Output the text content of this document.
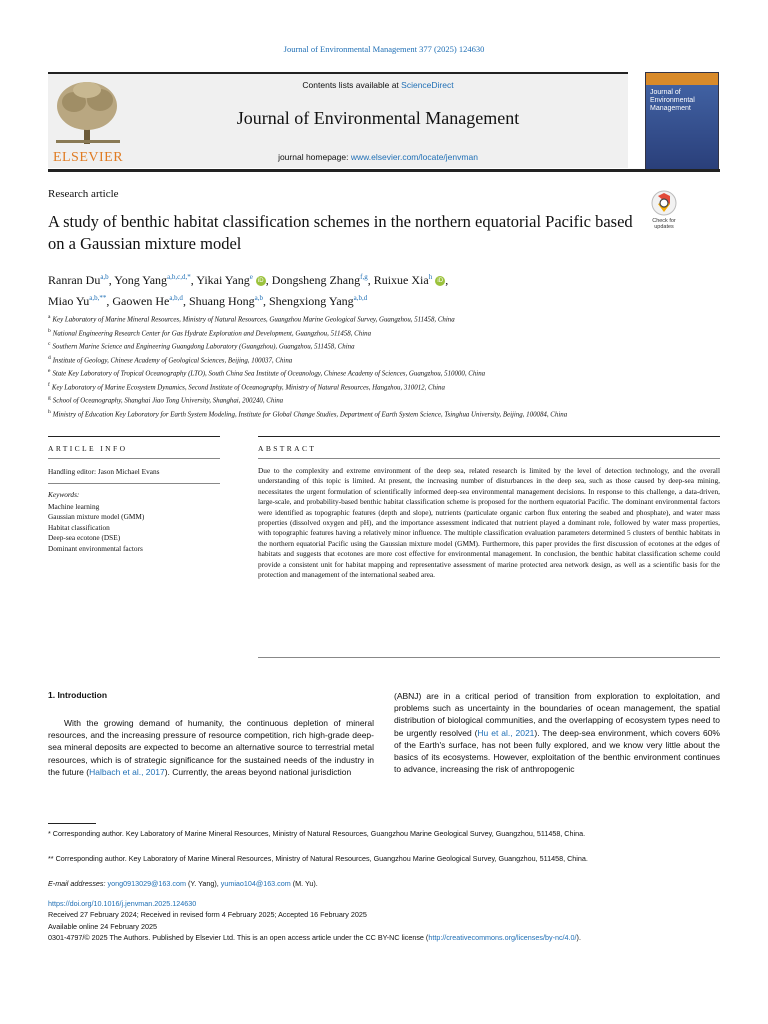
Journal of Environmental Management 377 (2025) 124630
ELSEVIER
Contents lists available at ScienceDirect
Journal of Environmental Management
journal homepage: www.elsevier.com/locate/jenvman
Journal of Environmental Management
Research article
A study of benthic habitat classification schemes in the northern equatorial Pacific based on a Gaussian mixture model
Check for updates
Ranran Du$^{a,b}$, Yong Yang$^{a,b,c,d,*}$, Yikai Yang$^e$ iD , Dongsheng Zhang$^{f,g}$, Ruixue Xia$^h$ iD ,
Miao $Yu^{a,b,**}$, Gaowen He$^{a,b,d}$, Shuang Hong$^{a,b}$, Shengxiong Yang$^{a,b,d}$
$^a$ Key Laboratory of Marine Mineral Resources, Ministry of Natural Resources, Guangzhou Marine Geological Survey, Guangzhou, 511458, China
$^b$ National Engineering Research Center for Gas Hydrate Exploration and Development, Guangzhou, 511458, China
$^c$ Southern Marine Science and Engineering Guangdong Laboratory (Guangzhou), Guangzhou, 511458, China
$^d$ Institute of Geology, Chinese Academy of Geological Sciences, Beijing, 100037, China
$^e$ State Key Laboratory of Tropical Oceanography (LTO), South China Sea Institute of Oceanology, Chinese Academy of Sciences, Guangzhou, 510000, China
$^f$ Key Laboratory of Marine Ecosystem Dynamics, Second Institute of Oceanography, Ministry of Natural Resources, Hangzhou, 310012, China
$^g$ School of Oceanography, Shanghai Jiao Tong University, Shanghai, 200240, China
$^h$ Ministry of Education Key Laboratory for Earth System Modeling, Institute for Global Change Studies, Department of Earth System Science, Tsinghua University, Beijing, 100084, China
ARTICLE INFO	ABSTRACT
Handling editor: Jason Michael Evans
Keywords:
Machine learning
Gaussian mixture model (GMM)
Habitat classification
Deep-sea ecotone (DSE)
Dominant environmental factors
Due to the complexity and extreme environment of the deep sea, related research is limited by the level of detection technology, and the overall understanding of this topic is limited. At present, the increasing number of disturbances in the deep sea, such as those caused by deep-sea mining, necessitates the urgent formulation of scientifically informed deep-sea environmental management decisions. In response to this challenge, a data-driven, large-scale, and probability-based benthic habitat classification scheme is proposed for the northern equatorial Pacific. The dominant environmental factors were identified as topographic features (depth and slope), nutrients (particulate organic carbon flux entering the seabed and phosphate), and water mass properties (dissolved oxygen and pH), and the importance assessment indicated that nutrient played a dominant role, followed by water mass properties, with topographic features having a relatively minor influence. The multiple classification evaluation parameters determined 5 clusters of benthic habitats in the northern equatorial Pacific using the Gaussian mixture model (GMM). Furthermore, this paper provides the first discussion of ecotones at the edges of habitats and suggests that ecotones are more cost effective for environmental management. In conclusion, the benthic habitat classification scheme could provide a consistent unit for habitat mapping and representative assessment of marine protected area network design, as well as a scientific basis for the protection and management of the international seabed area.
1. Introduction
With the growing demand of humanity, the continuous depletion of mineral resources, and the increasing pressure of resource competition, rich high-grade deep-sea mineral deposits are expected to become an alternative source to terrestrial metal resources, which is of strategic significance for the sustained needs of the industry in the future (Halbach et al., 2017). Currently, the areas beyond national jurisdiction
(ABNJ) are in a critical period of transition from exploration to exploitation, and problems such as uncertainty in the boundaries of ocean management, the spatial distribution of biological communities, and the overlapping of ecosystem types need to be urgently resolved (Hu et al., 2021). The deep-sea environment, which covers 60% of the Earth's surface, has not been fully explored, and we know very little about the basics of its ecosystems. However, exploitation of the benthic environment continues to advance, increasing the risk of anthropogenic
* Corresponding author. Key Laboratory of Marine Mineral Resources, Ministry of Natural Resources, Guangzhou Marine Geological Survey, Guangzhou, 511458, China.
** Corresponding author. Key Laboratory of Marine Mineral Resources, Ministry of Natural Resources, Guangzhou Marine Geological Survey, Guangzhou, 511458, China.
E-mail addresses: yong0913029@163.com (Y. Yang), yumiao104@163.com (M. Yu).
https://doi.org/10.1016/j.jenvman.2025.124630
Received 27 February 2024; Received in revised form 4 February 2025; Accepted 16 February 2025
Available online 24 February 2025
0301-4797/© 2025 The Authors. Published by Elsevier Ltd. This is an open access article under the CC BY-NC license (http://creativecommons.org/licenses/by-nc/4.0/).
